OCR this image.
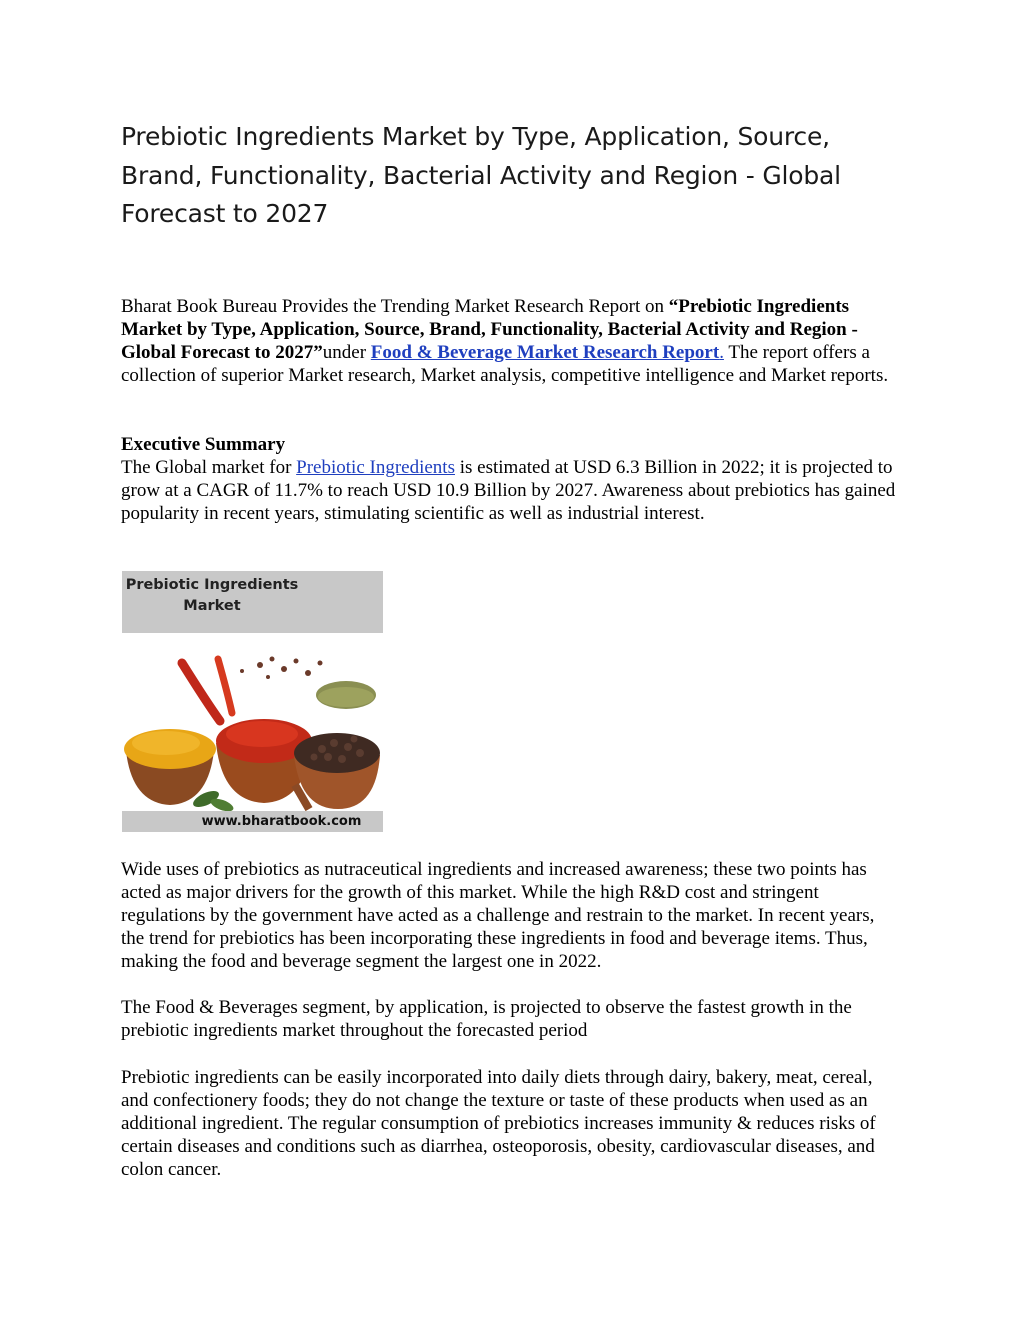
Prebiotic Ingredients Market by Type, Application, Source, Brand, Functionality, Bacterial Activity and Region - Global Forecast to 2027

Bharat Book Bureau Provides the Trending Market Research Report on “Prebiotic Ingredients Market by Type, Application, Source, Brand, Functionality, Bacterial Activity and Region - Global Forecast to 2027”under Food & Beverage Market Research Report. The report offers a collection of superior Market research, Market analysis, competitive intelligence and Market reports.

Executive Summary
The Global market for Prebiotic Ingredients is estimated at USD 6.3 Billion in 2022; it is projected to grow at a CAGR of 11.7% to reach USD 10.9 Billion by 2027. Awareness about prebiotics has gained popularity in recent years, stimulating scientific as well as industrial interest.

Prebiotic Ingredients
Market
www.bharatbook.com

Wide uses of prebiotics as nutraceutical ingredients and increased awareness; these two points has acted as major drivers for the growth of this market. While the high R&D cost and stringent regulations by the government have acted as a challenge and restrain to the market. In recent years, the trend for prebiotics has been incorporating these ingredients in food and beverage items. Thus, making the food and beverage segment the largest one in 2022.

The Food & Beverages segment, by application, is projected to observe the fastest growth in the prebiotic ingredients market throughout the forecasted period

Prebiotic ingredients can be easily incorporated into daily diets through dairy, bakery, meat, cereal, and confectionery foods; they do not change the texture or taste of these products when used as an additional ingredient. The regular consumption of prebiotics increases immunity & reduces risks of certain diseases and conditions such as diarrhea, osteoporosis, obesity, cardiovascular diseases, and colon cancer.
